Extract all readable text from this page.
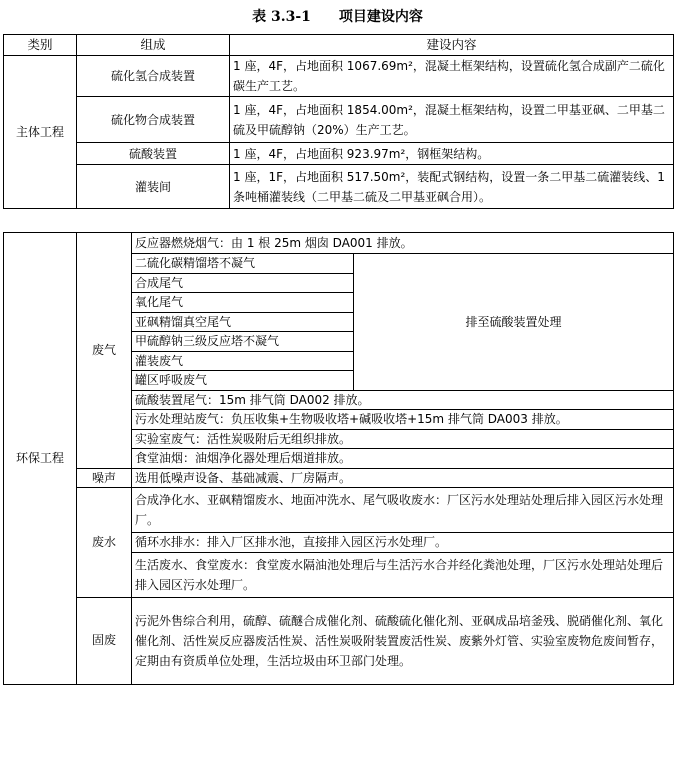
表 3.3-1　　项目建设内容
类别	组成	建设内容
主体工程	硫化氢合成装置	1 座，4F，占地面积 1067.69m²，混凝土框架结构，设置硫化氢合成副产二硫化碳生产工艺。
	硫化物合成装置	1 座，4F，占地面积 1854.00m²，混凝土框架结构，设置二甲基亚砜、二甲基二硫及甲硫醇钠（20%）生产工艺。
	硫酸装置	1 座，4F，占地面积 923.97m²，钢框架结构。
	灌装间	1 座，1F，占地面积 517.50m²，装配式钢结构，设置一条二甲基二硫灌装线、1 条吨桶灌装线（二甲基二硫及二甲基亚砜合用）。
环保工程	废气	反应器燃烧烟气：由 1 根 25m 烟囱 DA001 排放。	
		二硫化碳精馏塔不凝气	排至硫酸装置处理
		合成尾气	
		氧化尾气	
		亚砜精馏真空尾气	
		甲硫醇钠三级反应塔不凝气	
		灌装废气	
		罐区呼吸废气	
		硫酸装置尾气：15m 排气筒 DA002 排放。	
		污水处理站废气：负压收集+生物吸收塔+碱吸收塔+15m 排气筒 DA003 排放。	
		实验室废气：活性炭吸附后无组织排放。	
		食堂油烟：油烟净化器处理后烟道排放。	
	噪声	选用低噪声设备、基础减震、厂房隔声。	
	废水	合成净化水、亚砜精馏废水、地面冲洗水、尾气吸收废水：厂区污水处理站处理后排入园区污水处理厂。	
		循环水排水：排入厂区排水池，直接排入园区污水处理厂。	
		生活废水、食堂废水：食堂废水隔油池处理后与生活污水合并经化粪池处理，厂区污水处理站处理后排入园区污水处理厂。	
	固废	污泥外售综合利用，硫醇、硫醚合成催化剂、硫酸硫化催化剂、亚砜成品培釜残、脱硝催化剂、氧化催化剂、活性炭反应器废活性炭、活性炭吸附装置废活性炭、废紫外灯管、实验室废物危废间暂存，定期由有资质单位处理，生活垃圾由环卫部门处理。	
